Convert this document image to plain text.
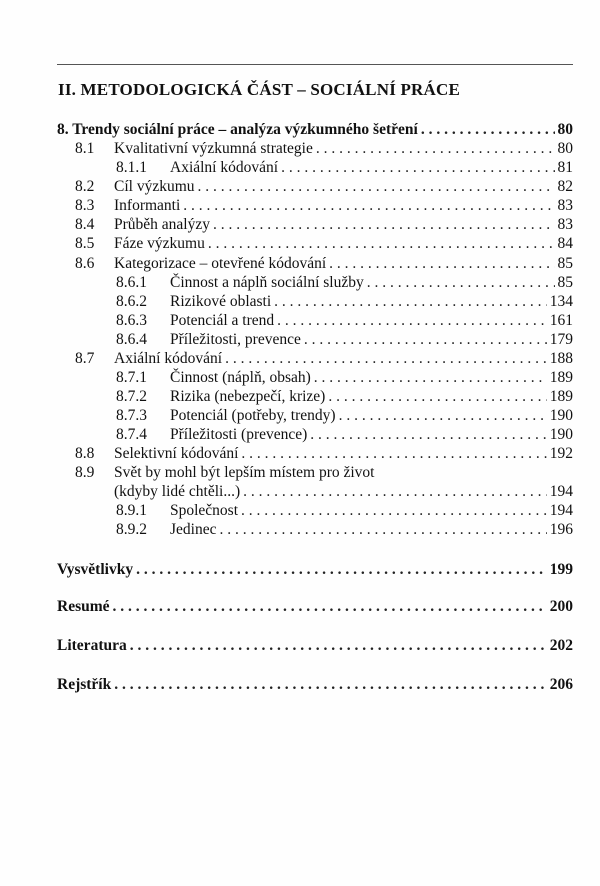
II. METODOLOGICKÁ ČÁST – SOCIÁLNÍ PRÁCE
8. Trendy sociální práce – analýza výzkumného šetření . . .	80
8.1	Kvalitativní výzkumná strategie . . .	80
8.1.1	Axiální kódování . . .	81
8.2	Cíl výzkumu . . .	82
8.3	Informanti . . .	83
8.4	Průběh analýzy . . .	83
8.5	Fáze výzkumu . . .	84
8.6	Kategorizace – otevřené kódování . . .	85
8.6.1	Činnost a náplň sociální služby . . .	85
8.6.2	Rizikové oblasti . . .	134
8.6.3	Potenciál a trend . . .	161
8.6.4	Příležitosti, prevence . . .	179
8.7	Axiální kódování . . .	188
8.7.1	Činnost (náplň, obsah) . . .	189
8.7.2	Rizika (nebezpečí, krize) . . .	189
8.7.3	Potenciál (potřeby, trendy) . . .	190
8.7.4	Příležitosti (prevence) . . .	190
8.8	Selektivní kódování . . .	192
8.9 Svět by mohl být lepším místem pro život
(kdyby lidé chtěli...) . . .	194
8.9.1	Společnost . . .	194
8.9.2	Jedinec . . .	196
Vysvětlivky . . .	199
Resumé . . .	200
Literatura . . .	202
Rejstřík . . .	206
